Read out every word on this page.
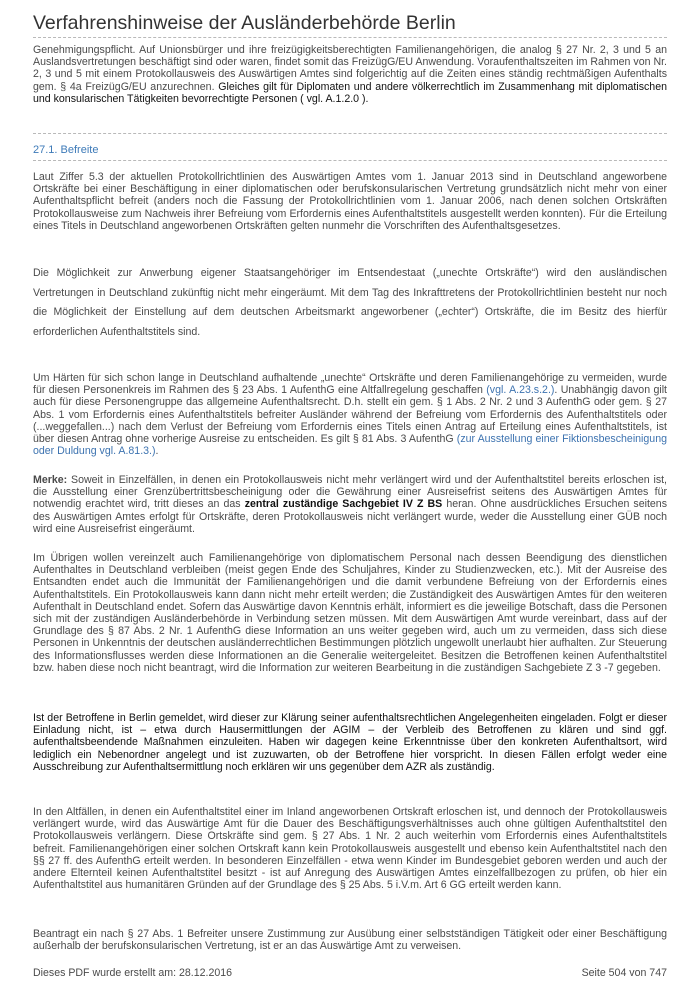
Verfahrenshinweise der Ausländerbehörde Berlin

Genehmigungspflicht. Auf Unionsbürger und ihre freizügigkeitsberechtigten Familienangehörigen, die analog § 27 Nr. 2, 3 und 5 an Auslandsvertretungen beschäftigt sind oder waren, findet somit das FreizügG/EU Anwendung. Voraufenthaltszeiten im Rahmen von Nr. 2, 3 und 5 mit einem Protokollausweis des Auswärtigen Amtes sind folgerichtig auf die Zeiten eines ständig rechtmäßigen Aufenthalts gem. § 4a FreizügG/EU anzurechnen. Gleiches gilt für Diplomaten und andere völkerrechtlich im Zusammenhang mit diplomatischen und konsularischen Tätigkeiten bevorrechtigte Personen ( vgl. A.1.2.0 ).

27.1. Befreite

Laut Ziffer 5.3 der aktuellen Protokollrichtlinien des Auswärtigen Amtes vom 1. Januar 2013 sind in Deutschland angeworbene Ortskräfte bei einer Beschäftigung in einer diplomatischen oder berufskonsularischen Vertretung grundsätzlich nicht mehr von einer Aufenthaltspflicht befreit (anders noch die Fassung der Protokollrichtlinien vom 1. Januar 2006, nach denen solchen Ortskräften Protokollausweise zum Nachweis ihrer Befreiung vom Erfordernis eines Aufenthaltstitels ausgestellt werden konnten). Für die Erteilung eines Titels in Deutschland angeworbenen Ortskräften gelten nunmehr die Vorschriften des Aufenthaltsgesetzes.

Die Möglichkeit zur Anwerbung eigener Staatsangehöriger im Entsendestaat („unechte Ortskräfte“) wird den ausländischen Vertretungen in Deutschland zukünftig nicht mehr eingeräumt. Mit dem Tag des Inkrafttretens der Protokollrichtlinien besteht nur noch die Möglichkeit der Einstellung auf dem deutschen Arbeitsmarkt angeworbener („echter“) Ortskräfte, die im Besitz des hierfür erforderlichen Aufenthaltstitels sind.

Um Härten für sich schon lange in Deutschland aufhaltende „unechte“ Ortskräfte und deren Familienangehörige zu vermeiden, wurde für diesen Personenkreis im Rahmen des § 23 Abs. 1 AufenthG eine Altfallregelung geschaffen (vgl. A.23.s.2.). Unabhängig davon gilt auch für diese Personengruppe das allgemeine Aufenthaltsrecht. D.h. stellt ein gem. § 1 Abs. 2 Nr. 2 und 3 AufenthG oder gem. § 27 Abs. 1 vom Erfordernis eines Aufenthaltstitels befreiter Ausländer während der Befreiung vom Erfordernis des Aufenthaltstitels oder (...weggefallen...) nach dem Verlust der Befreiung vom Erfordernis eines Titels einen Antrag auf Erteilung eines Aufenthaltstitels, ist über diesen Antrag ohne vorherige Ausreise zu entscheiden. Es gilt § 81 Abs. 3 AufenthG (zur Ausstellung einer Fiktionsbescheinigung oder Duldung vgl. A.81.3.).

Merke: Soweit in Einzelfällen, in denen ein Protokollausweis nicht mehr verlängert wird und der Aufenthaltstitel bereits erloschen ist, die Ausstellung einer Grenzübertrittsbescheinigung oder die Gewährung einer Ausreisefrist seitens des Auswärtigen Amtes für notwendig erachtet wird, tritt dieses an das zentral zuständige Sachgebiet IV Z BS heran. Ohne ausdrückliches Ersuchen seitens des Auswärtigen Amtes erfolgt für Ortskräfte, deren Protokollausweis nicht verlängert wurde, weder die Ausstellung einer GÜB noch wird eine Ausreisefrist eingeräumt.

Im Übrigen wollen vereinzelt auch Familienangehörige von diplomatischem Personal nach dessen Beendigung des dienstlichen Aufenthaltes in Deutschland verbleiben (meist gegen Ende des Schuljahres, Kinder zu Studienzwecken, etc.). Mit der Ausreise des Entsandten endet auch die Immunität der Familienangehörigen und die damit verbundene Befreiung von der Erfordernis eines Aufenthaltstitels. Ein Protokollausweis kann dann nicht mehr erteilt werden; die Zuständigkeit des Auswärtigen Amtes für den weiteren Aufenthalt in Deutschland endet. Sofern das Auswärtige davon Kenntnis erhält, informiert es die jeweilige Botschaft, dass die Personen sich mit der zuständigen Ausländerbehörde in Verbindung setzen müssen. Mit dem Auswärtigen Amt wurde vereinbart, dass auf der Grundlage des § 87 Abs. 2 Nr. 1 AufenthG diese Information an uns weiter gegeben wird, auch um zu vermeiden, dass sich diese Personen in Unkenntnis der deutschen ausländerrechtlichen Bestimmungen plötzlich ungewollt unerlaubt hier aufhalten. Zur Steuerung des Informationsflusses werden diese Informationen an die Generalie weitergeleitet. Besitzen die Betroffenen keinen Aufenthaltstitel bzw. haben diese noch nicht beantragt, wird die Information zur weiteren Bearbeitung in die zuständigen Sachgebiete Z 3 -7 gegeben.

Ist der Betroffene in Berlin gemeldet, wird dieser zur Klärung seiner aufenthaltsrechtlichen Angelegenheiten eingeladen. Folgt er dieser Einladung nicht, ist – etwa durch Hausermittlungen der AGIM – der Verbleib des Betroffenen zu klären und sind ggf. aufenthaltsbeendende Maßnahmen einzuleiten. Haben wir dagegen keine Erkenntnisse über den konkreten Aufenthaltsort, wird lediglich ein Nebenordner angelegt und ist zuzuwarten, ob der Betroffene hier vorspricht. In diesen Fällen erfolgt weder eine Ausschreibung zur Aufenthaltsermittlung noch erklären wir uns gegenüber dem AZR als zuständig.

In den Altfällen, in denen ein Aufenthaltstitel einer im Inland angeworbenen Ortskraft erloschen ist, und dennoch der Protokollausweis verlängert wurde, wird das Auswärtige Amt für die Dauer des Beschäftigungsverhältnisses auch ohne gültigen Aufenthaltstitel den Protokollausweis verlängern. Diese Ortskräfte sind gem. § 27 Abs. 1 Nr. 2 auch weiterhin vom Erfordernis eines Aufenthaltstitels befreit. Familienangehörigen einer solchen Ortskraft kann kein Protokollausweis ausgestellt und ebenso kein Aufenthaltstitel nach den §§ 27 ff. des AufenthG erteilt werden. In besonderen Einzelfällen - etwa wenn Kinder im Bundesgebiet geboren werden und auch der andere Elternteil keinen Aufenthaltstitel besitzt - ist auf Anregung des Auswärtigen Amtes einzelfallbezogen zu prüfen, ob hier ein Aufenthaltstitel aus humanitären Gründen auf der Grundlage des § 25 Abs. 5 i.V.m. Art 6 GG erteilt werden kann.

Beantragt ein nach § 27 Abs. 1 Befreiter unsere Zustimmung zur Ausübung einer selbstständigen Tätigkeit oder einer Beschäftigung außerhalb der berufskonsularischen Vertretung, ist er an das Auswärtige Amt zu verweisen.

Dieses PDF wurde erstellt am: 28.12.2016	Seite 504 von 747
